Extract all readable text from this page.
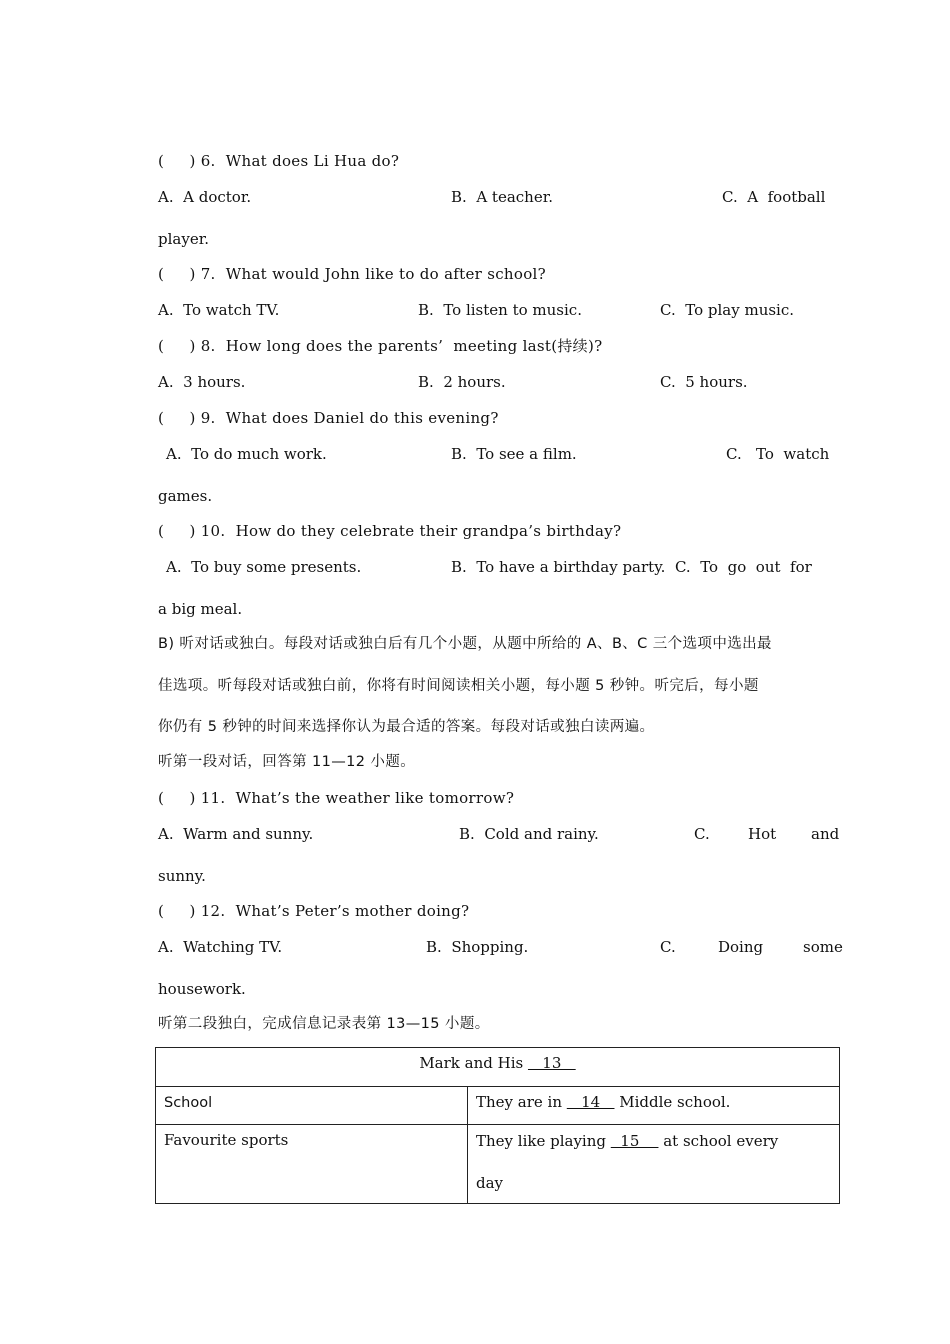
(     ) 6.  What does Li Hua do?
A.  A doctor.	B.  A teacher.	C.  A  football
player.
(     ) 7.  What would John like to do after school?
A.  To watch TV.	B.  To listen to music.	C.  To play music.
(     ) 8.  How long does the parents’  meeting last(持续)?
A.  3 hours.	B.  2 hours.	C.  5 hours.
(     ) 9.  What does Daniel do this evening?
A.  To do much work.	B.  To see a film.	C.   To  watch
games.
(     ) 10.  How do they celebrate their grandpa’s birthday?
A.  To buy some presents.	B.  To have a birthday party.  C.  To  go  out  for
a big meal.
B) 听对话或独白。每段对话或独白后有几个小题，从题中所给的 A、B、C 三个选项中选出最
佳选项。听每段对话或独白前，你将有时间阅读相关小题，每小题 5 秒钟。听完后，每小题
你仍有 5 秒钟的时间来选择你认为最合适的答案。每段对话或独白读两遍。
听第一段对话，回答第 11—12 小题。
(     ) 11.  What’s the weather like tomorrow?
A.  Warm and sunny.	B.  Cold and rainy.	C.	Hot and
sunny.
(     ) 12.  What’s Peter’s mother doing?
A.  Watching TV.	B.  Shopping.	C.	Doing	some
housework.
听第二段独白，完成信息记录表第 13—15 小题。
Mark and His    13	
School	They are in    14    Middle school.
Favourite sports	They like playing   15     at school every
day
